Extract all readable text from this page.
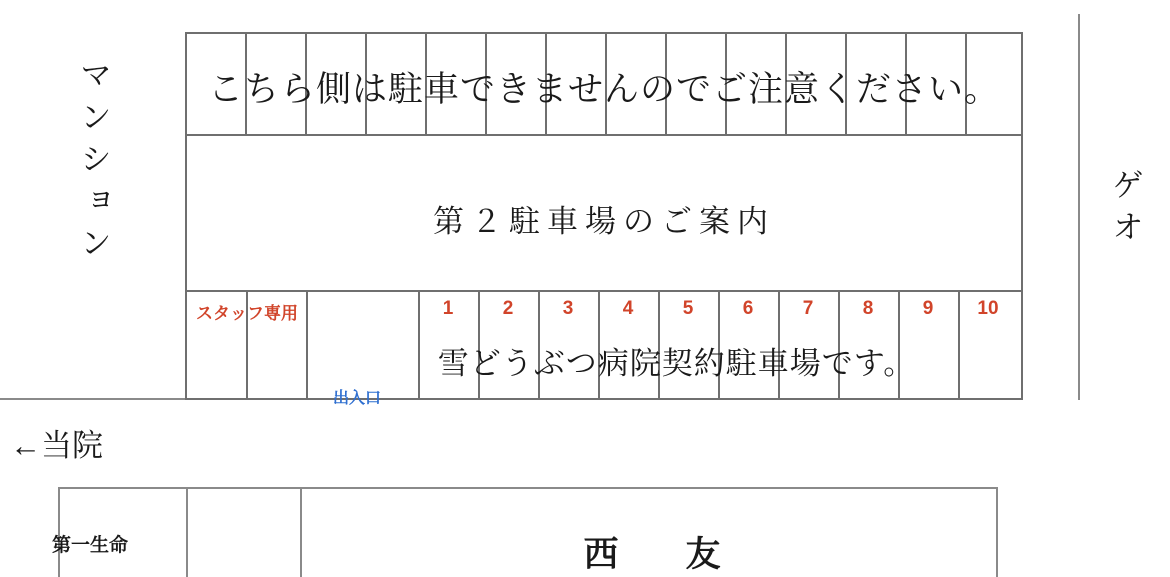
こちら側は駐車できませんのでご注意ください。
第２駐車場のご案内
雪どうぶつ病院契約駐車場です。
スタッフ専用
出入口
1	2	3	4	5	6	7	8	9	10
マンション	ゲオ
←当院
第一生命	西　友
